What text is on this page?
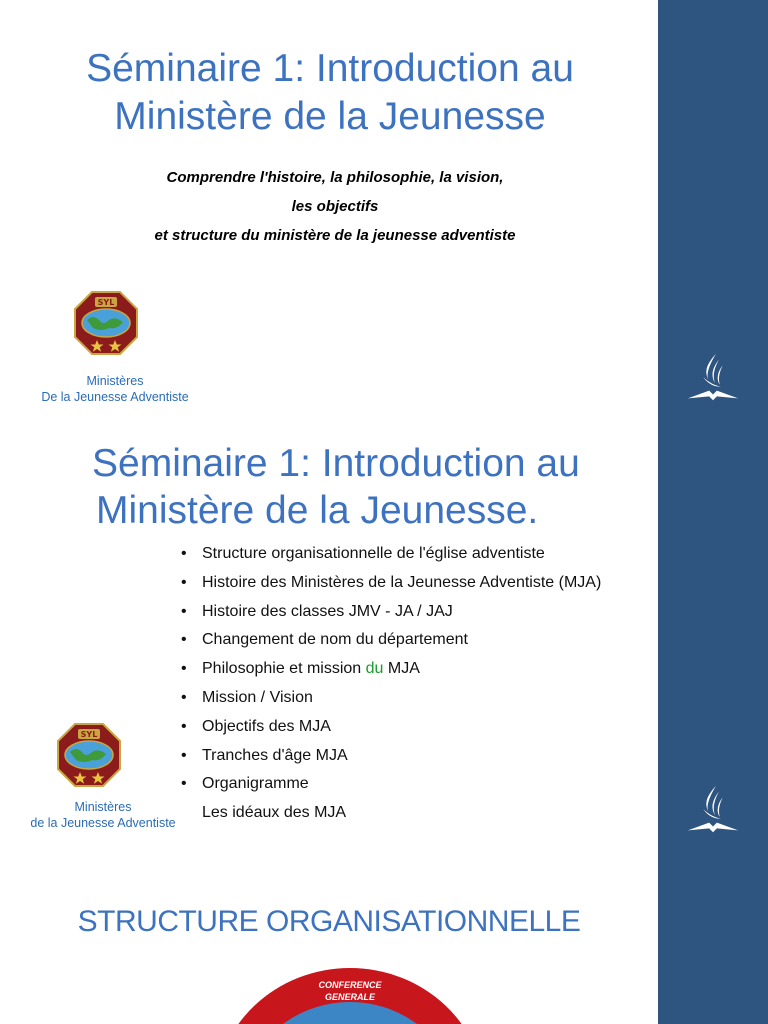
Séminaire 1: Introduction au
Ministère de la Jeunesse
Comprendre l'histoire, la philosophie, la vision,
les objectifs
et structure du ministère de la jeunesse adventiste
SYL
Ministères
De la Jeunesse Adventiste
Séminaire 1: Introduction au
Ministère de la Jeunesse.
• Structure organisationnelle de l'église adventiste
• Histoire des Ministères de la Jeunesse Adventiste (MJA)
• Histoire des classes JMV - JA / JAJ
• Changement de nom du département
• Philosophie et mission du MJA
• Mission / Vision
• Objectifs des MJA
• Tranches d'âge MJA
• Organigramme
Les idéaux des MJA
SYL
Ministères
de la Jeunesse Adventiste
STRUCTURE ORGANISATIONNELLE
CONFERENCE
GENERALE
